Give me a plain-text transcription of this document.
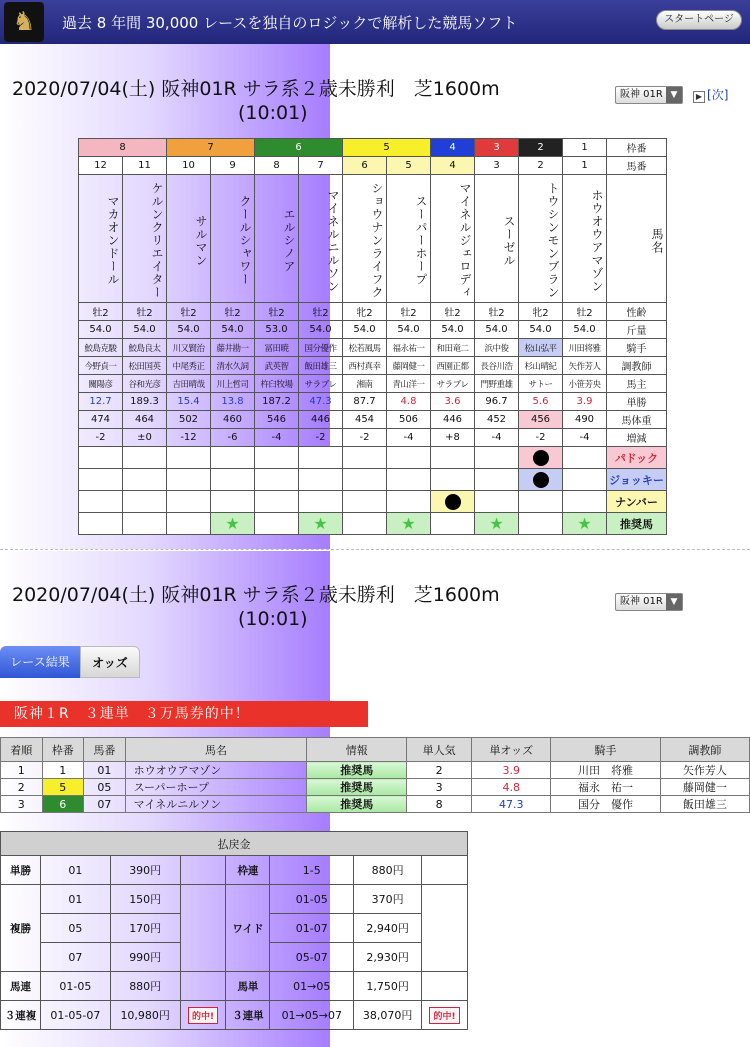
♞	過去 8 年間 30,000 レースを独自のロジックで解析した競馬ソフト	スタートページ
2020/07/04(土) 阪神01R サラ系２歳未勝利　芝1600m
(10:01)
阪神 01R ▼	▶ [次]
8		7		6		5		4	3	2	1	枠番
12	11	10	9	8	7	6	5	4	3	2	1	馬番
マカオンドール	ケルンクリエイター	サルマン	クールシャワー	エルシノア	マイネルニルソン	ショウナンライフク	スーパーホープ	マイネルジェロディ	スーゼル	トウシンモンブラン	ホウオウアマゾン	馬名
牡2	牡2	牡2	牡2	牡2	牡2	牝2	牡2	牡2	牡2	牝2	牡2	性齢
54.0	54.0	54.0	54.0	53.0	54.0	54.0	54.0	54.0	54.0	54.0	54.0	斤量
鮫島克駿	鮫島良太	川又賢治	藤井勘一	冨田暁	国分優作	松若風馬	福永祐一	和田竜二	浜中俊	松山弘平	川田将雅	騎手
今野貞一	松田国英	中尾秀正	清水久詞	武英智	飯田雄三	西村真幸	藤岡健一	西園正都	長谷川浩	杉山晴紀	矢作芳人	調教師
關陽彦	谷和光彦	吉田晴哉	川上哲司	杵臼牧場	サラブレ	湘南	青山洋一	サラブレ	門野重雄	サトー	小笹芳央	馬主
12.7	189.3	15.4	13.8	187.2	47.3	87.7	4.8	3.6	96.7	5.6	3.9	単勝
474	464	502	460	546	446	454	506	446	452	456	490	馬体重
-2	±0	-12	-6	-4	-2	-2	-4	+8	-4	-2	-4	増減
												パドック
												ジョッキー
												ナンバー
			★		★		★		★		★	推奨馬
2020/07/04(土) 阪神01R サラ系２歳未勝利　芝1600m
(10:01)
阪神 01R ▼
レース結果	オッズ
阪神１R　３連単　３万馬券的中！
着順	枠番	馬番	馬名	情報	単人気	単オッズ	騎手	調教師
1	1	01	ホウオウアマゾン	推奨馬	2	3.9	川田　将雅	矢作芳人
2	5	05	スーパーホープ	推奨馬	3	4.8	福永　祐一	藤岡健一
3	6	07	マイネルニルソン	推奨馬	8	47.3	国分　優作	飯田雄三
払戻金							
単勝	01	390円		枠連	1-5	880円	
複勝	01	150円		ワイド	01-05	370円	
	05	170円			01-07	2,940円	
	07	990円			05-07	2,930円	
馬連	01-05	880円		馬単	01→05	1,750円	
３連複	01-05-07	10,980円	的中!	３連単	01→05→07	38,070円	的中!
